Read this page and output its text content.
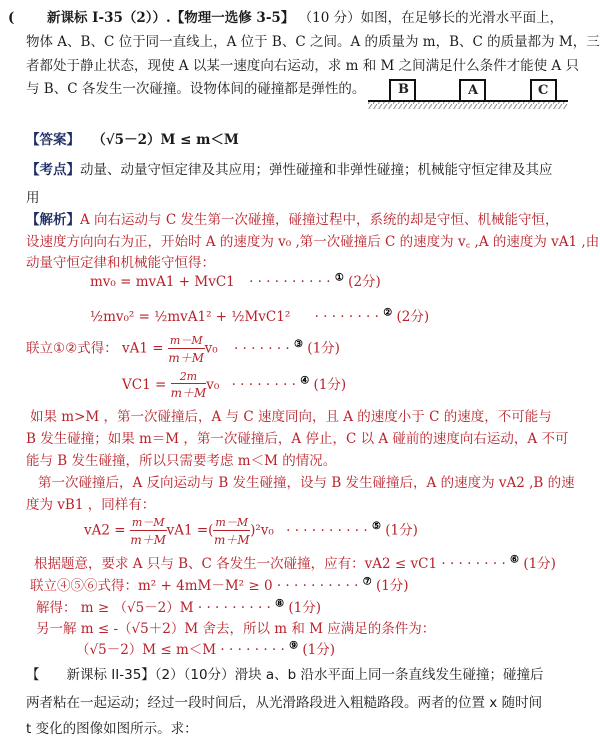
( 新课标 I-35（2））.【物理一选修 3-5】 （10 分）如图，在足够长的光滑水平面上，
物体 A、B、C 位于同一直线上，A 位于 B、C 之间。A 的质量为 m，B、C 的质量都为 M，三
者都处于静止状态，现使 A 以某一速度向右运动，求 m 和 M 之间满足什么条件才能使 A 只
与 B、C 各发生一次碰撞。设物体间的碰撞都是弹性的。	B	A	C
【答案】 （√5－2）M ≤ m＜M
【考点】动量、动量守恒定律及其应用；弹性碰撞和非弹性碰撞；机械能守恒定律及其应
用
【解析】A 向右运动与 C 发生第一次碰撞，碰撞过程中，系统的却是守恒、机械能守恒，
设速度方向向右为正，开始时 A 的速度为 v₀ ,第一次碰撞后 C 的速度为 v꜀ ,A 的速度为 vA1 ,由
动量守恒定律和机械能守恒得：
mv₀ = mvA1 + MvC1 · · · · · · · · · · ① (2分)
½mv₀² = ½mvA1² + ½MvC1² · · · · · · · · ② (2分)
联立①②式得： $vA1 = \frac{m-M}{m+M} v_0$ · · · · · · · ③ (1分)
$VC1 = \frac{2m}{m+M} v_0$ · · · · · · · · ④ (1分)
如果 m>M ，第一次碰撞后，A 与 C 速度同向，且 A 的速度小于 C 的速度，不可能与
B 发生碰撞；如果 m＝M ，第一次碰撞后，A 停止，C 以 A 碰前的速度向右运动，A 不可
能与 B 发生碰撞，所以只需要考虑 m＜M 的情况。
第一次碰撞后，A 反向运动与 B 发生碰撞，设与 B 发生碰撞后，A 的速度为 vA2 ,B 的速
度为 vB1 ，同样有：
$vA2 = \frac{m-M}{m+M} vA1$ =( $\frac{m-M}{m+M} )^2v_0$ · · · · · · · · · · ⑤ (1分)
根据题意，要求 A 只与 B、C 各发生一次碰撞，应有：vA2 ≤ vC1 · · · · · · · · ⑥ (1分)
联立④⑤⑥式得：m² + 4mM－M² ≥ 0 · · · · · · · · · · ⑦ (1分)
解得： m ≥ （√5－2）M · · · · · · · · · ⑧ (1分)
另一解 m ≤ -（√5＋2）M 舍去，所以 m 和 M 应满足的条件为：
（√5－2）M ≤ m＜M · · · · · · · · ⑨ (1分)
【　　新课标 II-35】（2）（10分）滑块 a、b 沿水平面上同一条直线发生碰撞；碰撞后
两者粘在一起运动；经过一段时间后，从光滑路段进入粗糙路段。两者的位置 x 随时间
t 变化的图像如图所示。求：
